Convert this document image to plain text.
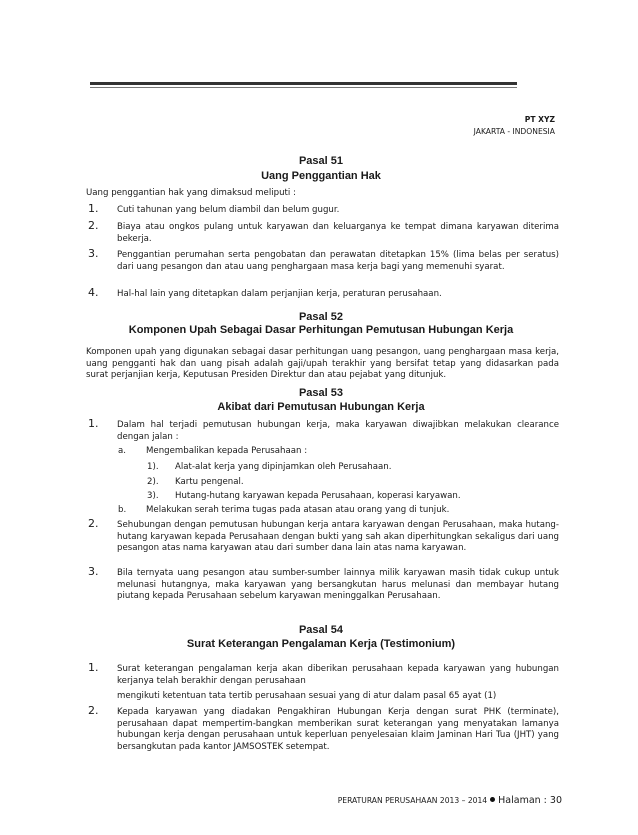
PT XYZ
JAKARTA - INDONESIA
Pasal 51
Uang Penggantian Hak
Uang penggantian hak yang dimaksud meliputi :
1. Cuti tahunan yang belum diambil dan belum gugur.
2. Biaya atau ongkos pulang untuk karyawan dan keluarganya ke tempat dimana karyawan diterima bekerja.
3. Penggantian perumahan serta pengobatan dan perawatan ditetapkan 15% (lima belas per seratus) dari uang pesangon dan atau uang penghargaan masa kerja bagi yang memenuhi syarat.
4. Hal-hal lain yang ditetapkan dalam perjanjian kerja, peraturan perusahaan.
Pasal 52
Komponen Upah Sebagai Dasar Perhitungan Pemutusan Hubungan Kerja
Komponen upah yang digunakan sebagai dasar perhitungan uang pesangon, uang penghargaan masa kerja, uang pengganti hak dan uang pisah adalah gaji/upah terakhir yang bersifat tetap yang didasarkan pada surat perjanjian kerja, Keputusan Presiden Direktur dan atau pejabat yang ditunjuk.
Pasal 53
Akibat dari Pemutusan Hubungan Kerja
1. Dalam hal terjadi pemutusan hubungan kerja, maka karyawan diwajibkan melakukan clearance dengan jalan :
a. Mengembalikan kepada Perusahaan :
1). Alat-alat kerja yang dipinjamkan oleh Perusahaan.
2). Kartu pengenal.
3). Hutang-hutang karyawan kepada Perusahaan, koperasi karyawan.
b. Melakukan serah terima tugas pada atasan atau orang yang di tunjuk.
2. Sehubungan dengan pemutusan hubungan kerja antara karyawan dengan Perusahaan, maka hutang-hutang karyawan kepada Perusahaan dengan bukti yang sah akan diperhitungkan sekaligus dari uang pesangon atas nama karyawan atau dari sumber dana lain atas nama karyawan.
3. Bila ternyata uang pesangon atau sumber-sumber lainnya milik karyawan masih tidak cukup untuk melunasi hutangnya, maka karyawan yang bersangkutan harus melunasi dan membayar hutang piutang kepada Perusahaan sebelum karyawan meninggalkan Perusahaan.
Pasal 54
Surat Keterangan Pengalaman Kerja (Testimonium)
1. Surat keterangan pengalaman kerja akan diberikan perusahaan kepada karyawan yang hubungan kerjanya telah berakhir dengan perusahaan
mengikuti ketentuan tata tertib perusahaan sesuai yang di atur dalam pasal 65 ayat (1)
2. Kepada karyawan yang diadakan Pengakhiran Hubungan Kerja dengan surat PHK (terminate), perusahaan dapat mempertim-bangkan memberikan surat keterangan yang menyatakan lamanya hubungan kerja dengan perusahaan untuk keperluan penyelesaian klaim Jaminan Hari Tua (JHT) yang bersangkutan pada kantor JAMSOSTEK setempat.
PERATURAN PERUSAHAAN 2013 – 2014 Halaman : 30
